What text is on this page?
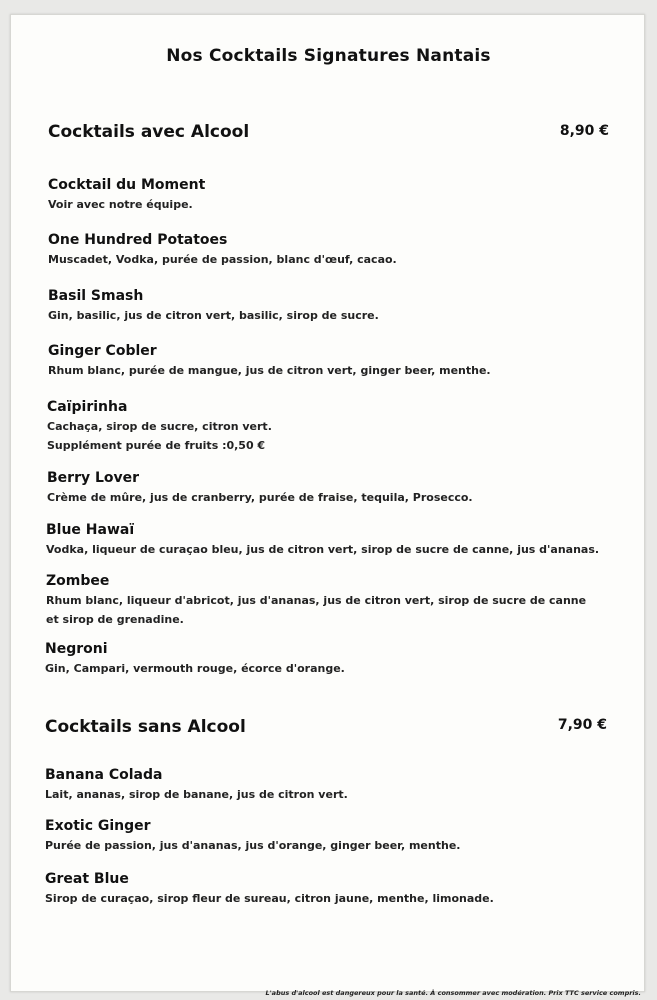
Nos Cocktails Signatures Nantais
Cocktails avec Alcool	8,90 €
Cocktail du Moment
Voir avec notre équipe.
One Hundred Potatoes
Muscadet, Vodka, purée de passion, blanc d'œuf, cacao.
Basil Smash
Gin, basilic, jus de citron vert, basilic, sirop de sucre.
Ginger Cobler
Rhum blanc, purée de mangue, jus de citron vert, ginger beer, menthe.
Caïpirinha
Cachaça, sirop de sucre, citron vert.
Supplément purée de fruits :0,50 €
Berry Lover
Crème de mûre, jus de cranberry, purée de fraise, tequila, Prosecco.
Blue Hawaï
Vodka, liqueur de curaçao bleu, jus de citron vert, sirop de sucre de canne, jus d'ananas.
Zombee
Rhum blanc, liqueur d'abricot, jus d'ananas, jus de citron vert, sirop de sucre de canne
et sirop de grenadine.
Negroni
Gin, Campari, vermouth rouge, écorce d'orange.
Cocktails sans Alcool	7,90 €
Banana Colada
Lait, ananas, sirop de banane, jus de citron vert.
Exotic Ginger
Purée de passion, jus d'ananas, jus d'orange, ginger beer, menthe.
Great Blue
Sirop de curaçao, sirop fleur de sureau, citron jaune, menthe, limonade.
L'abus d'alcool est dangereux pour la santé. À consommer avec modération. Prix TTC service compris.
